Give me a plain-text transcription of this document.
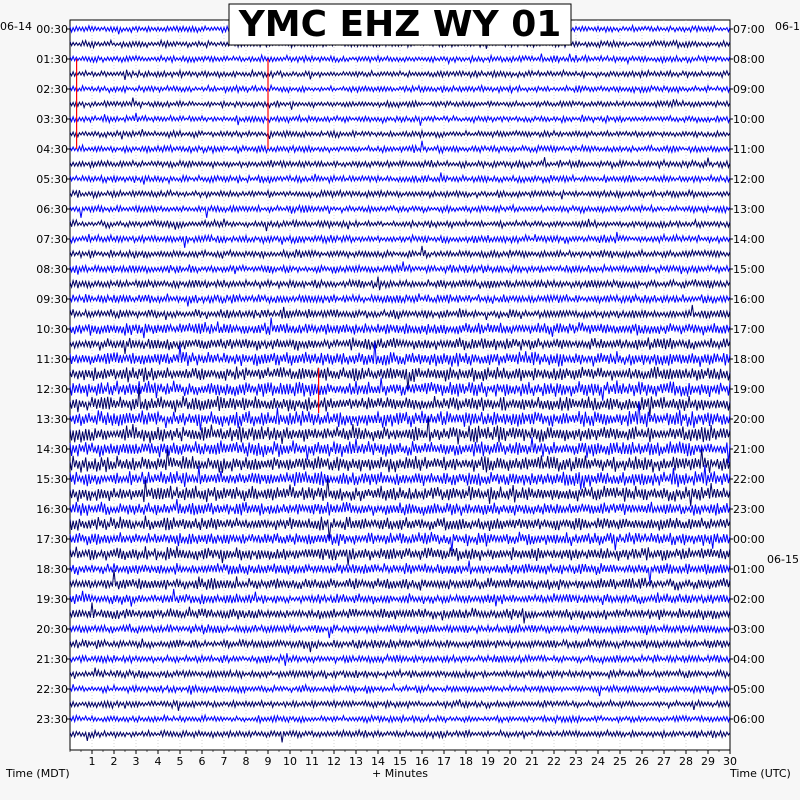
1 2 3 4 5 6 7 8 9 10 11 12 13 14 15 16 17 18 19 20 21 22 23 24 25 26 27 28 29 30
00:30
01:30
02:30
03:30
04:30
05:30
06:30
07:30
08:30
09:30
10:30
11:30
12:30
13:30
14:30
15:30
16:30
17:30
18:30
19:30
20:30
21:30
22:30
23:30
07:00
08:00
09:00
10:00
11:00
12:00
13:00
14:00
15:00
16:00
17:00
18:00
19:00
20:00
21:00
22:00
23:00
00:00
01:00
02:00
03:00
04:00
05:00
06:00
06-14	06-1
06-15
Time (MDT)	+ Minutes	Time (UTC)
YMC EHZ WY 01
